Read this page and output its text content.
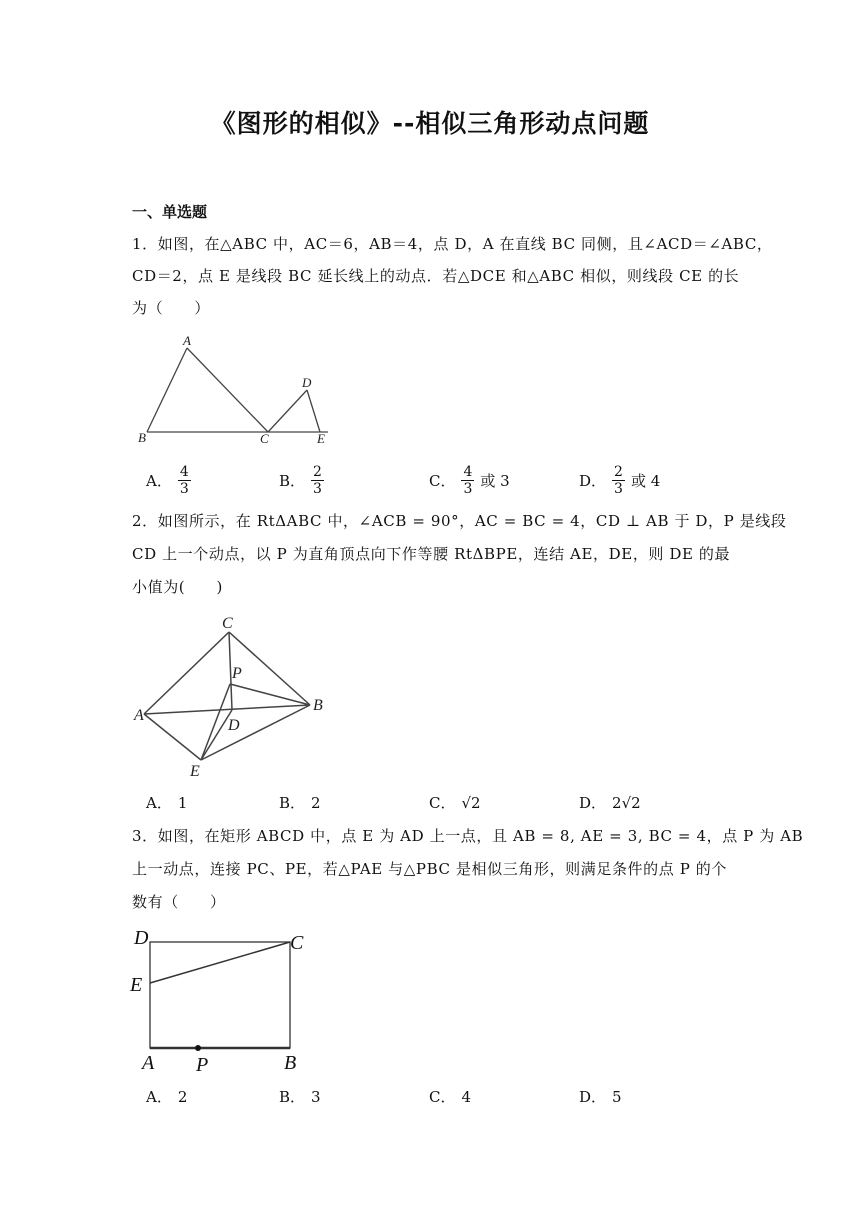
《图形的相似》--相似三角形动点问题
一、单选题
1．如图，在△ABC 中，AC＝6，AB＝4，点 D，A 在直线 BC 同侧，且∠ACD＝∠ABC，
CD＝2，点 E 是线段 BC 延长线上的动点．若△DCE 和△ABC 相似，则线段 CE 的长
为（　　）
A
B	C
D
E
A． $\frac{4}{3}$	B． $\frac{2}{3}$	C． $\frac{4}{3}$ 或 3	D． $\frac{2}{3}$ 或 4
2．如图所示，在 RtΔABC 中，∠ACB = 90°，AC = BC = 4，CD ⊥ AB 于 D，P 是线段
CD 上一个动点，以 P 为直角顶点向下作等腰 RtΔBPE，连结 AE，DE，则 DE 的最
小值为(　　)
C
P
A
B
D
E
A． 1	B． 2	C． √2	D． 2√2
3．如图，在矩形 ABCD 中，点 E 为 AD 上一点，且 AB = 8, AE = 3, BC = 4，点 P 为 AB
上一动点，连接 PC、PE，若△PAE 与△PBC 是相似三角形，则满足条件的点 P 的个
数有（　　）
D	C
E
A P	B
A． 2	B． 3	C． 4	D． 5
